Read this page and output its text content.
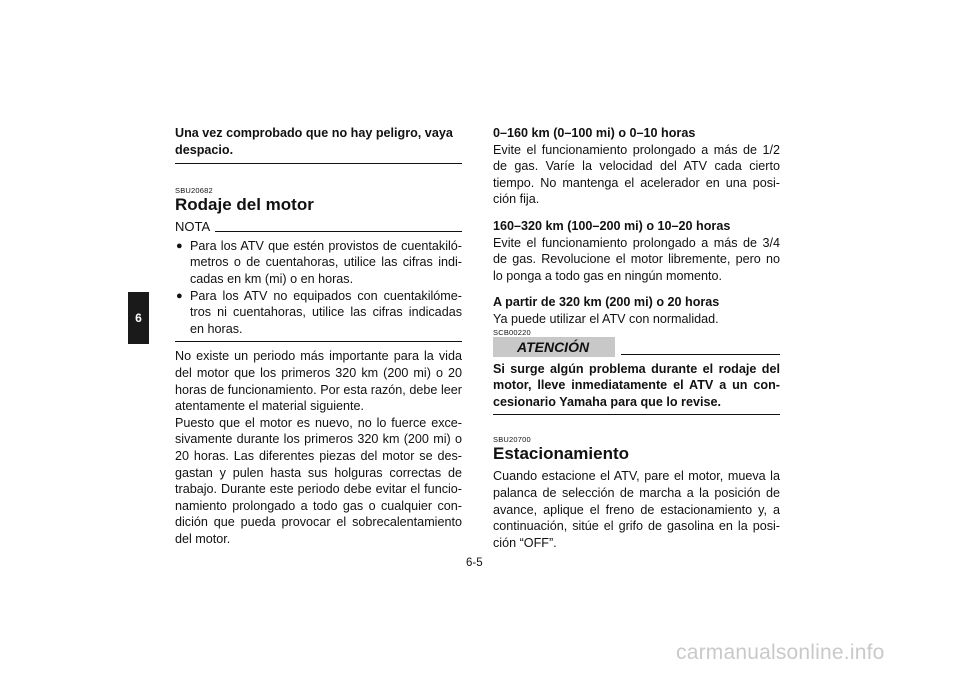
6

Una vez comprobado que no hay peligro, vaya despacio.

SBU20682

Rodaje del motor
NOTA
● Para los ATV que estén provistos de cuentakiló-metros o de cuentahoras, utilice las cifras indi-cadas en km (mi) o en horas.
● Para los ATV no equipados con cuentakilóme-tros ni cuentahoras, utilice las cifras indicadas en horas.

No existe un periodo más importante para la vida del motor que los primeros 320 km (200 mi) o 20 horas de funcionamiento. Por esta razón, debe leer atentamente el material siguiente.

Puesto que el motor es nuevo, no lo fuerce exce-sivamente durante los primeros 320 km (200 mi) o 20 horas. Las diferentes piezas del motor se des-gastan y pulen hasta sus holguras correctas de trabajo. Durante este periodo debe evitar el funcio-namiento prolongado a todo gas o cualquier con-dición que pueda provocar el sobrecalentamiento del motor.

0–160 km (0–100 mi) o 0–10 horas

Evite el funcionamiento prolongado a más de 1/2 de gas. Varíe la velocidad del ATV cada cierto tiempo. No mantenga el acelerador en una posi-ción fija.

160–320 km (100–200 mi) o 10–20 horas

Evite el funcionamiento prolongado a más de 3/4 de gas. Revolucione el motor libremente, pero no lo ponga a todo gas en ningún momento.

A partir de 320 km (200 mi) o 20 horas

Ya puede utilizar el ATV con normalidad.

SCB00220

ATENCIÓN

Si surge algún problema durante el rodaje del motor, lleve inmediatamente el ATV a un con-cesionario Yamaha para que lo revise.

SBU20700

Estacionamiento

Cuando estacione el ATV, pare el motor, mueva la palanca de selección de marcha a la posición de avance, aplique el freno de estacionamiento y, a continuación, sitúe el grifo de gasolina en la posi-ción “OFF”.

6-5
carmanualsonline.info
